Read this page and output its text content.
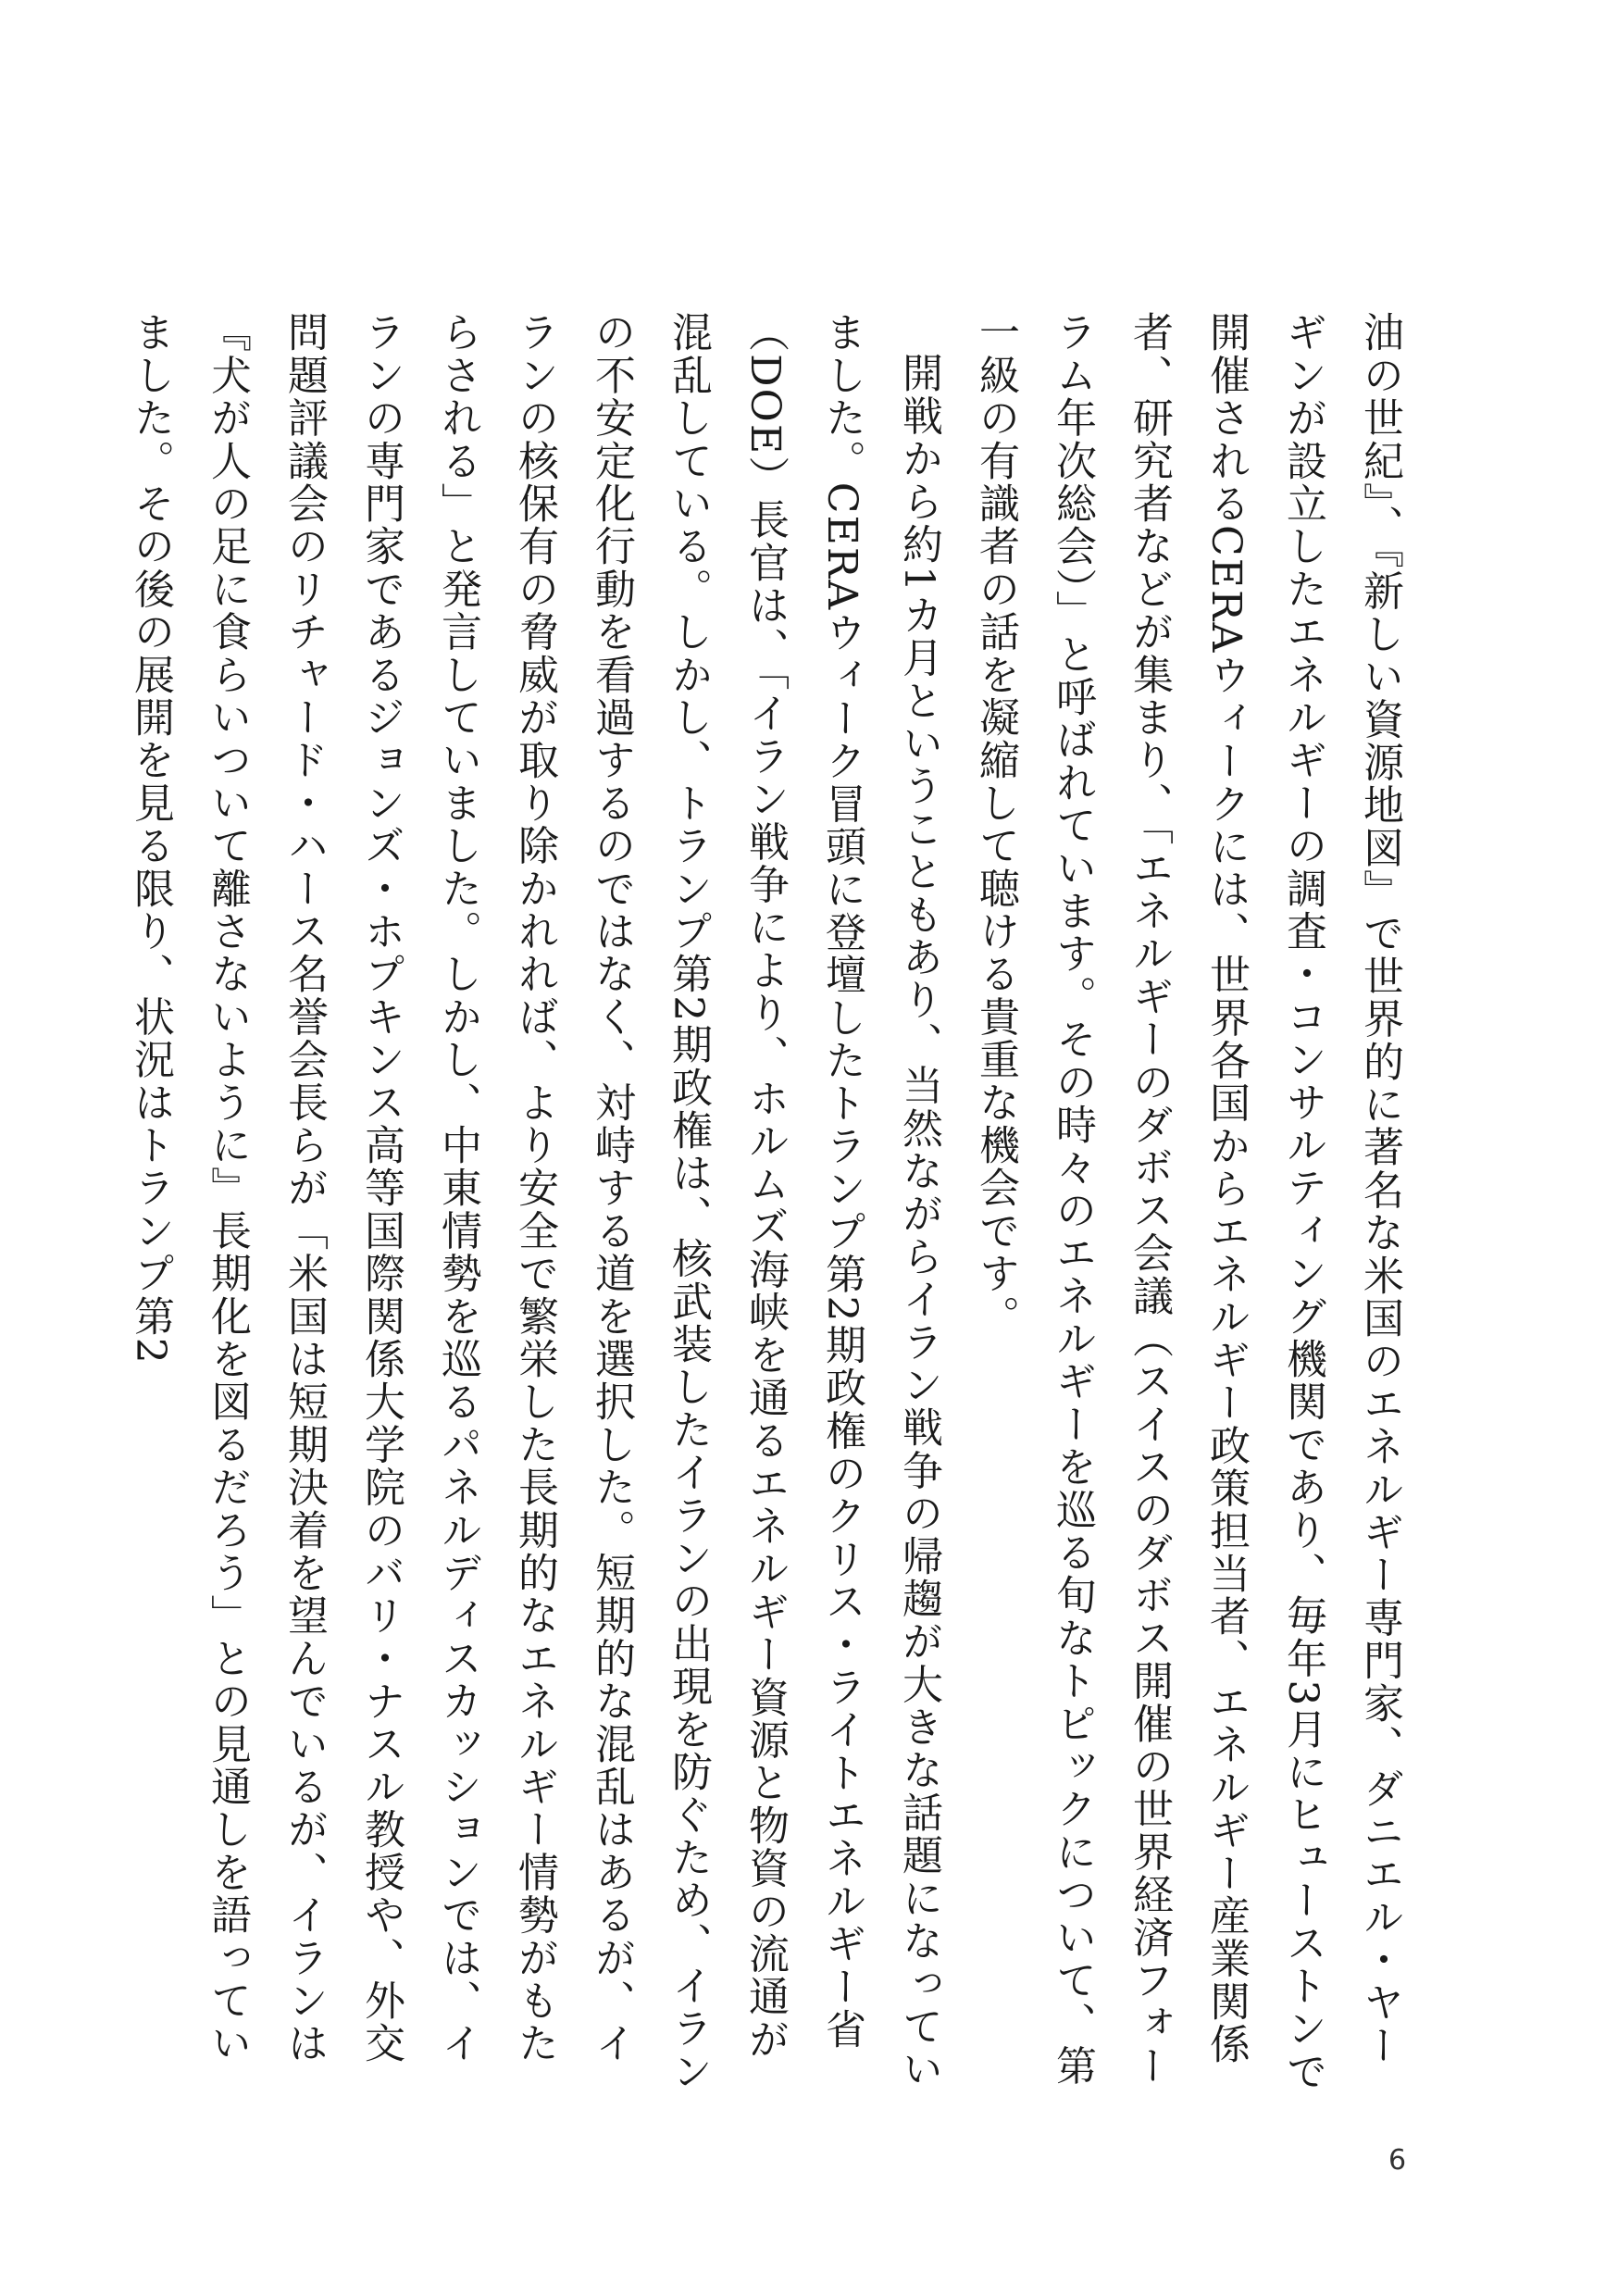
油の世紀』、『新しい資源地図』で世界的に著名な米国のエネルギー専門家、ダニエル・ヤーギンが設立したエネルギーの調査・コンサルティング機関であり、毎年3月にヒューストンで開催されるCERAウィークには、世界各国からエネルギー政策担当者、エネルギー産業関係者、研究者などが集まり、「エネルギーのダボス会議（スイスのダボス開催の世界経済フォーラム年次総会）」と呼ばれています。その時々のエネルギーを巡る旬なトピックについて、第一級の有識者の話を凝縮して聴ける貴重な機会です。

開戦から約1カ月ということもあり、当然ながらイラン戦争の帰趨が大きな話題になっていました。CERAウィーク冒頭に登壇したトランプ第2期政権のクリス・ライトエネルギー省（DOE）長官は、「イラン戦争により、ホルムズ海峡を通るエネルギー資源と物資の流通が混乱している。しかし、トランプ第2期政権は、核武装したイランの出現を防ぐため、イランの不安定化行動を看過するのではなく、対峙する道を選択した。短期的な混乱はあるが、イランの核保有の脅威が取り除かれれば、より安全で繁栄した長期的なエネルギー情勢がもたらされる」と発言していました。しかし、中東情勢を巡るパネルディスカッションでは、イランの専門家であるジョンズ・ホプキンス高等国際関係大学院のバリ・ナスル教授や、外交問題評議会のリチャード・ハース名誉会長らが「米国は短期決着を望んでいるが、イランは『犬が人の足に食らいついて離さないように』長期化を図るだろう」との見通しを語っていました。その後の展開を見る限り、状況はトランプ第2

6
